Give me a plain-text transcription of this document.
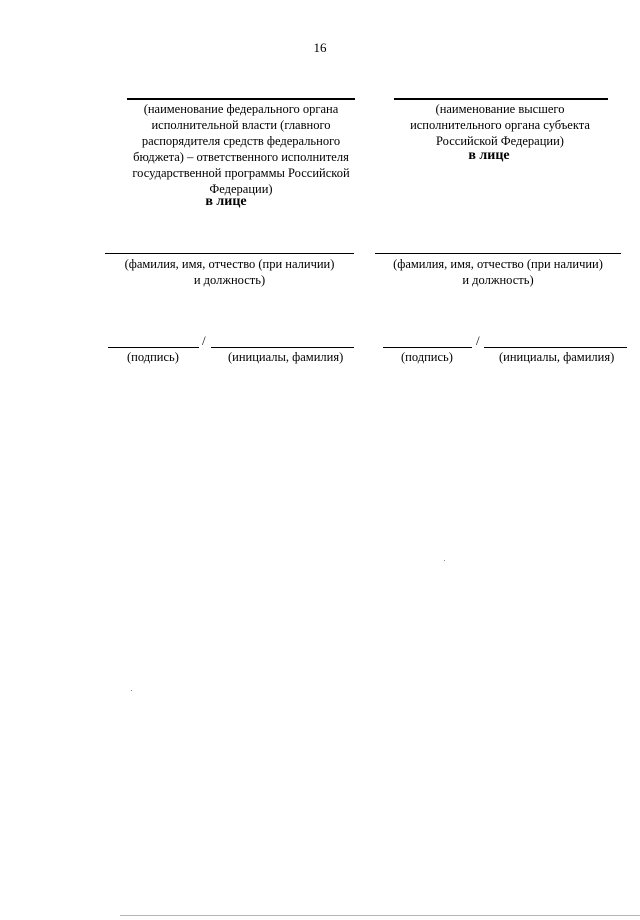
16
(наименование федерального органа исполнительной власти (главного распорядителя средств федерального бюджета) – ответственного исполнителя государственной программы Российской Федерации)
в лице
(фамилия, имя, отчество (при наличии)
и должность)
/
(подпись)	(инициалы, фамилия)
(наименование высшего исполнительного органа субъекта Российской Федерации)
в лице
(фамилия, имя, отчество (при наличии)
и должность)
/
(подпись)	(инициалы, фамилия)
